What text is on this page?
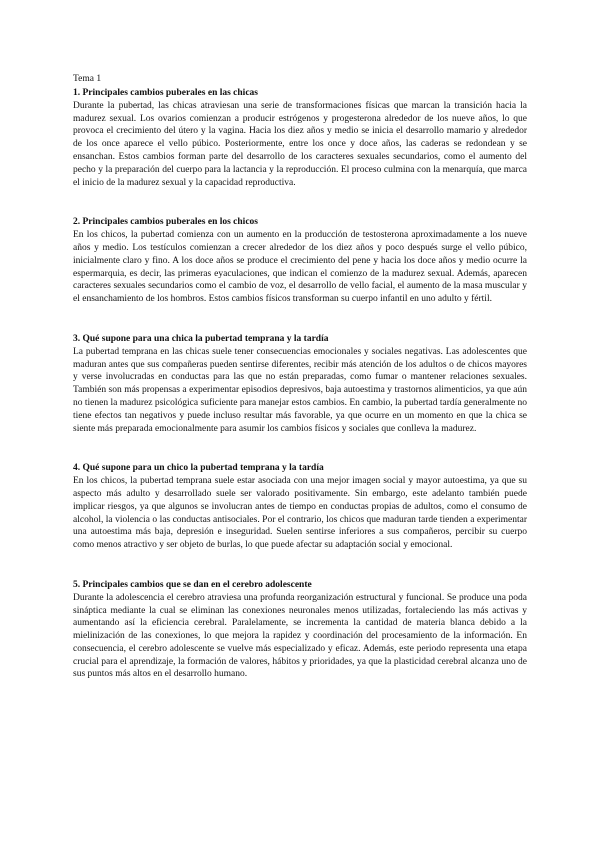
Tema 1

1. Principales cambios puberales en las chicas

Durante la pubertad, las chicas atraviesan una serie de transformaciones físicas que marcan la transición hacia la madurez sexual. Los ovarios comienzan a producir estrógenos y progesterona alrededor de los nueve años, lo que provoca el crecimiento del útero y la vagina. Hacia los diez años y medio se inicia el desarrollo mamario y alrededor de los once aparece el vello púbico. Posteriormente, entre los once y doce años, las caderas se redondean y se ensanchan. Estos cambios forman parte del desarrollo de los caracteres sexuales secundarios, como el aumento del pecho y la preparación del cuerpo para la lactancia y la reproducción. El proceso culmina con la menarquía, que marca el inicio de la madurez sexual y la capacidad reproductiva.

2. Principales cambios puberales en los chicos

En los chicos, la pubertad comienza con un aumento en la producción de testosterona aproximadamente a los nueve años y medio. Los testículos comienzan a crecer alrededor de los diez años y poco después surge el vello púbico, inicialmente claro y fino. A los doce años se produce el crecimiento del pene y hacia los doce años y medio ocurre la espermarquia, es decir, las primeras eyaculaciones, que indican el comienzo de la madurez sexual. Además, aparecen caracteres sexuales secundarios como el cambio de voz, el desarrollo de vello facial, el aumento de la masa muscular y el ensanchamiento de los hombros. Estos cambios físicos transforman su cuerpo infantil en uno adulto y fértil.

3. Qué supone para una chica la pubertad temprana y la tardía

La pubertad temprana en las chicas suele tener consecuencias emocionales y sociales negativas. Las adolescentes que maduran antes que sus compañeras pueden sentirse diferentes, recibir más atención de los adultos o de chicos mayores y verse involucradas en conductas para las que no están preparadas, como fumar o mantener relaciones sexuales. También son más propensas a experimentar episodios depresivos, baja autoestima y trastornos alimenticios, ya que aún no tienen la madurez psicológica suficiente para manejar estos cambios. En cambio, la pubertad tardía generalmente no tiene efectos tan negativos y puede incluso resultar más favorable, ya que ocurre en un momento en que la chica se siente más preparada emocionalmente para asumir los cambios físicos y sociales que conlleva la madurez.

4. Qué supone para un chico la pubertad temprana y la tardía

En los chicos, la pubertad temprana suele estar asociada con una mejor imagen social y mayor autoestima, ya que su aspecto más adulto y desarrollado suele ser valorado positivamente. Sin embargo, este adelanto también puede implicar riesgos, ya que algunos se involucran antes de tiempo en conductas propias de adultos, como el consumo de alcohol, la violencia o las conductas antisociales. Por el contrario, los chicos que maduran tarde tienden a experimentar una autoestima más baja, depresión e inseguridad. Suelen sentirse inferiores a sus compañeros, percibir su cuerpo como menos atractivo y ser objeto de burlas, lo que puede afectar su adaptación social y emocional.

5. Principales cambios que se dan en el cerebro adolescente

Durante la adolescencia el cerebro atraviesa una profunda reorganización estructural y funcional. Se produce una poda sináptica mediante la cual se eliminan las conexiones neuronales menos utilizadas, fortaleciendo las más activas y aumentando así la eficiencia cerebral. Paralelamente, se incrementa la cantidad de materia blanca debido a la mielinización de las conexiones, lo que mejora la rapidez y coordinación del procesamiento de la información. En consecuencia, el cerebro adolescente se vuelve más especializado y eficaz. Además, este periodo representa una etapa crucial para el aprendizaje, la formación de valores, hábitos y prioridades, ya que la plasticidad cerebral alcanza uno de sus puntos más altos en el desarrollo humano.
